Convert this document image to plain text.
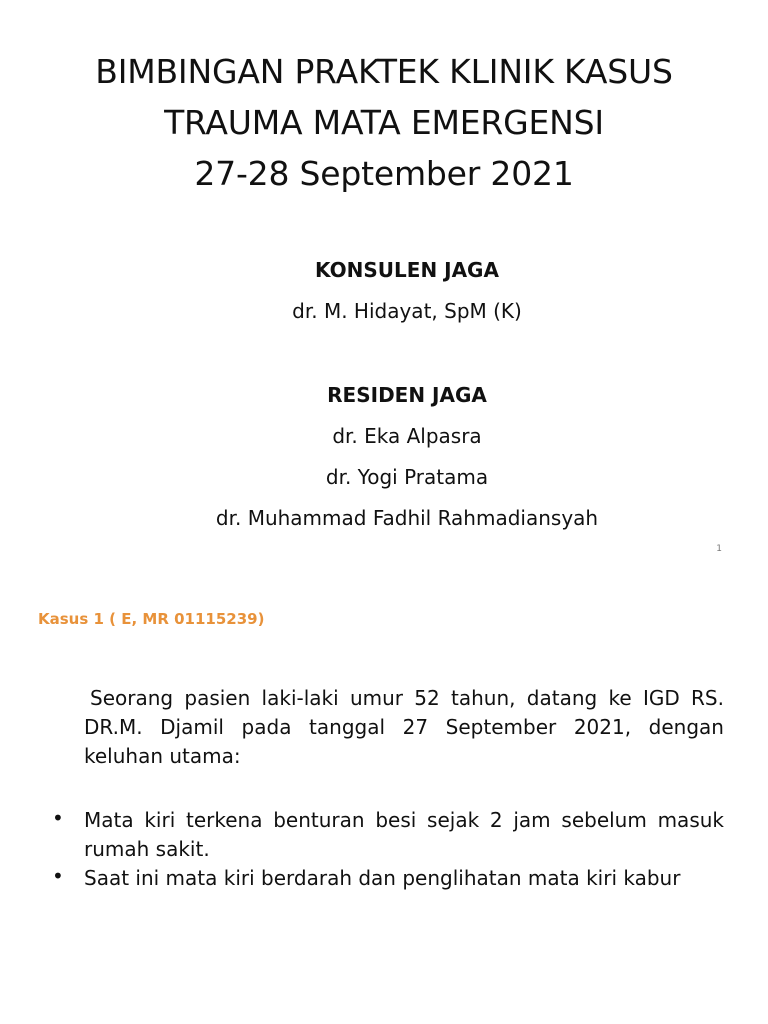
BIMBINGAN PRAKTEK KLINIK KASUS
TRAUMA MATA EMERGENSI
27-28 September 2021
KONSULEN JAGA
dr. M. Hidayat, SpM (K)
RESIDEN JAGA
dr. Eka Alpasra
dr. Yogi Pratama
dr. Muhammad Fadhil Rahmadiansyah
1
Kasus 1 ( E, MR 01115239)

Seorang pasien laki-laki umur 52 tahun, datang ke IGD RS. DR.M. Djamil pada tanggal 27 September 2021, dengan keluhan utama:

• Mata kiri terkena benturan besi sejak 2 jam sebelum masuk rumah sakit.
• Saat ini mata kiri berdarah dan penglihatan mata kiri kabur
